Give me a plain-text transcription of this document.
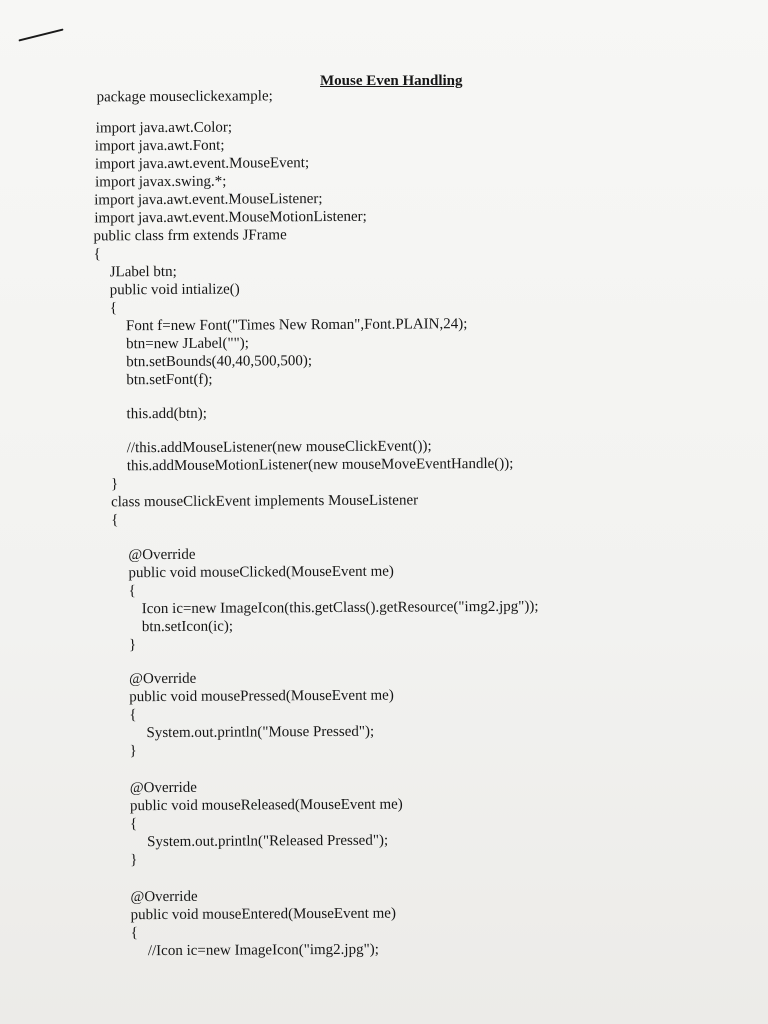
Mouse Even Handling
package mouseclickexample;
import java.awt.Color;
import java.awt.Font;
import java.awt.event.MouseEvent;
import javax.swing.*;
import java.awt.event.MouseListener;
import java.awt.event.MouseMotionListener;
public class frm extends JFrame
{
JLabel btn;
public void intialize()
{
Font f=new Font("Times New Roman",Font.PLAIN,24);
btn=new JLabel("");
btn.setBounds(40,40,500,500);
btn.setFont(f);
this.add(btn);
//this.addMouseListener(new mouseClickEvent());
this.addMouseMotionListener(new mouseMoveEventHandle());
}
class mouseClickEvent implements MouseListener
{
@Override
public void mouseClicked(MouseEvent me)
{
Icon ic=new ImageIcon(this.getClass().getResource("img2.jpg"));
btn.setIcon(ic);
}
@Override
public void mousePressed(MouseEvent me)
{
System.out.println("Mouse Pressed");
}
@Override
public void mouseReleased(MouseEvent me)
{
System.out.println("Released Pressed");
}
@Override
public void mouseEntered(MouseEvent me)
{
//Icon ic=new ImageIcon("img2.jpg");
